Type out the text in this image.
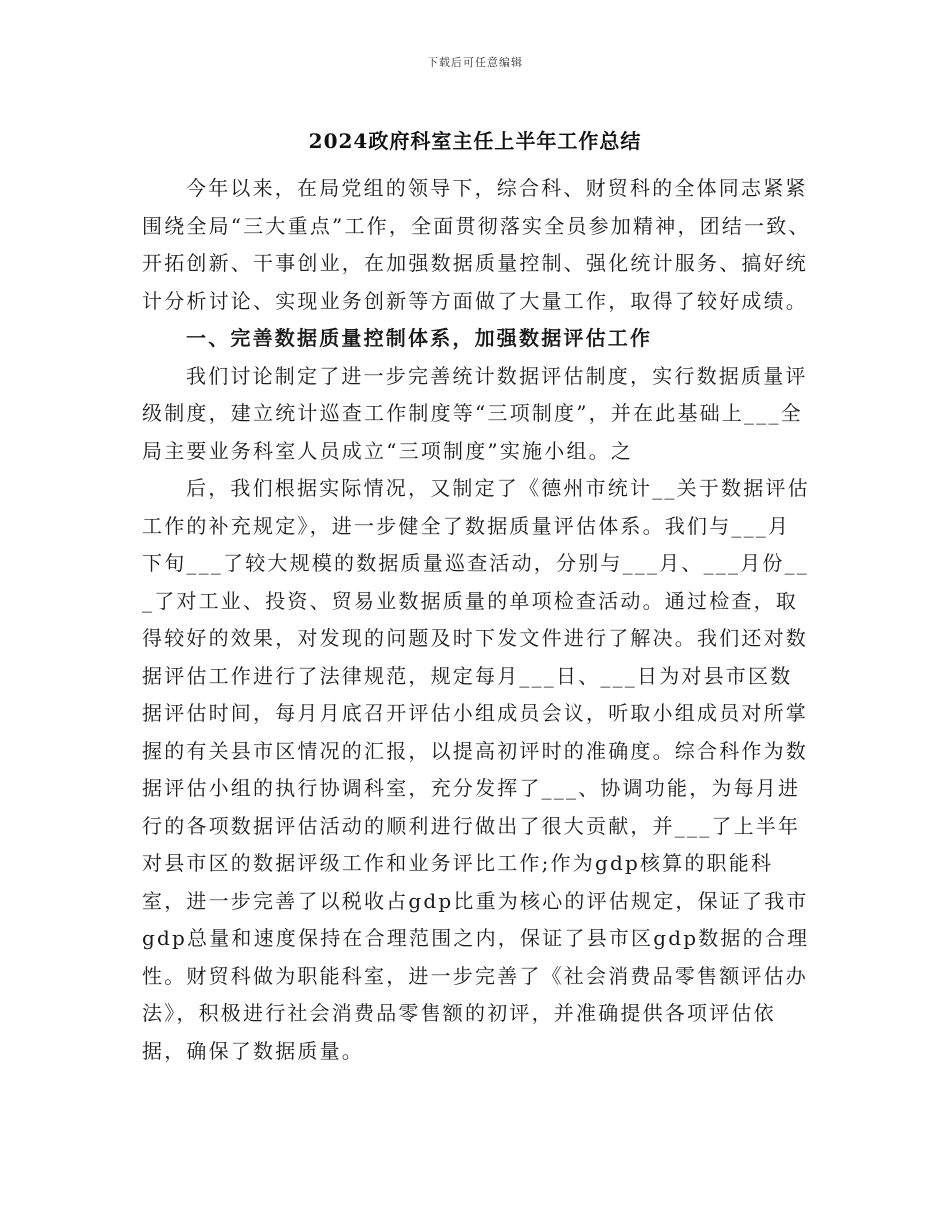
下载后可任意编辑
2024政府科室主任上半年工作总结

今年以来，在局党组的领导下，综合科、财贸科的全体同志紧紧围绕全局“三大重点”工作，全面贯彻落实全员参加精神，团结一致、开拓创新、干事创业，在加强数据质量控制、强化统计服务、搞好统计分析讨论、实现业务创新等方面做了大量工作，取得了较好成绩。

一、完善数据质量控制体系，加强数据评估工作

我们讨论制定了进一步完善统计数据评估制度，实行数据质量评级制度，建立统计巡查工作制度等“三项制度”，并在此基础上___全局主要业务科室人员成立“三项制度”实施小组。之

后，我们根据实际情况，又制定了《德州市统计__关于数据评估工作的补充规定》，进一步健全了数据质量评估体系。我们与___月下旬___了较大规模的数据质量巡查活动，分别与___月、___月份___了对工业、投资、贸易业数据质量的单项检查活动。通过检查，取得较好的效果，对发现的问题及时下发文件进行了解决。我们还对数据评估工作进行了法律规范，规定每月___日、___日为对县市区数据评估时间，每月月底召开评估小组成员会议，听取小组成员对所掌握的有关县市区情况的汇报，以提高初评时的准确度。综合科作为数据评估小组的执行协调科室，充分发挥了___、协调功能，为每月进行的各项数据评估活动的顺利进行做出了很大贡献，并___了上半年对县市区的数据评级工作和业务评比工作;作为gdp核算的职能科室，进一步完善了以税收占gdp比重为核心的评估规定，保证了我市gdp总量和速度保持在合理范围之内，保证了县市区gdp数据的合理性。财贸科做为职能科室，进一步完善了《社会消费品零售额评估办法》，积极进行社会消费品零售额的初评，并准确提供各项评估依据，确保了数据质量。
